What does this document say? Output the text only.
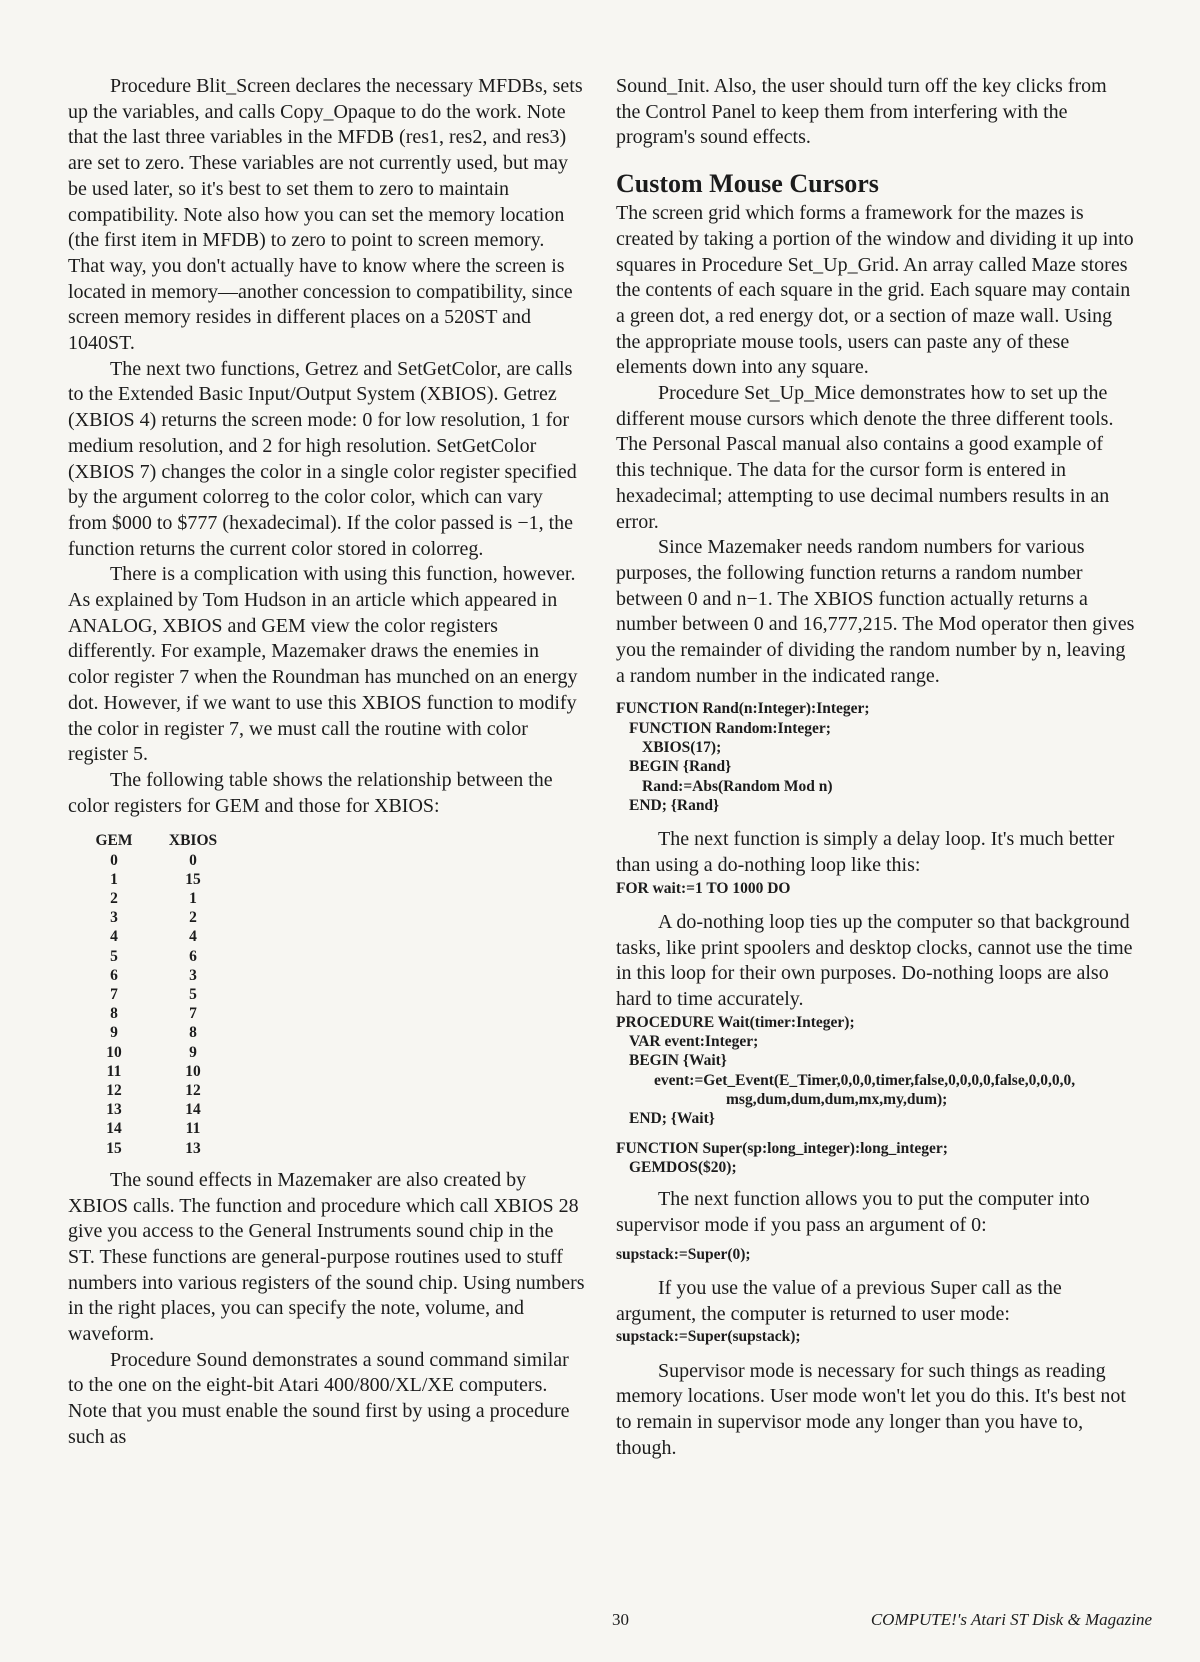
Procedure Blit_Screen declares the necessary MFDBs, sets up the variables, and calls Copy_Opaque to do the work. Note that the last three variables in the MFDB (res1, res2, and res3) are set to zero. These variables are not currently used, but may be used later, so it's best to set them to zero to maintain compatibility. Note also how you can set the memory location (the first item in MFDB) to zero to point to screen memory. That way, you don't actually have to know where the screen is located in memory—another concession to compatibility, since screen memory resides in different places on a 520ST and 1040ST.

The next two functions, Getrez and SetGetColor, are calls to the Extended Basic Input/Output System (XBIOS). Getrez (XBIOS 4) returns the screen mode: 0 for low resolution, 1 for medium resolution, and 2 for high resolution. SetGetColor (XBIOS 7) changes the color in a single color register specified by the argument colorreg to the color color, which can vary from $000 to $777 (hexadecimal). If the color passed is −1, the function returns the current color stored in colorreg.

There is a complication with using this function, however. As explained by Tom Hudson in an article which appeared in ANALOG, XBIOS and GEM view the color registers differently. For example, Mazemaker draws the enemies in color register 7 when the Roundman has munched on an energy dot. However, if we want to use this XBIOS function to modify the color in register 7, we must call the routine with color register 5.

The following table shows the relationship between the color registers for GEM and those for XBIOS:

GEM	XBIOS
0	0
1	15
2	1
3	2
4	4
5	6
6	3
7	5
8	7
9	8
10	9
11	10
12	12
13	14
14	11
15	13

The sound effects in Mazemaker are also created by XBIOS calls. The function and procedure which call XBIOS 28 give you access to the General Instruments sound chip in the ST. These functions are general-purpose routines used to stuff numbers into various registers of the sound chip. Using numbers in the right places, you can specify the note, volume, and waveform.

Procedure Sound demonstrates a sound command similar to the one on the eight-bit Atari 400/800/XL/XE computers. Note that you must enable the sound first by using a procedure such as

Sound_Init. Also, the user should turn off the key clicks from the Control Panel to keep them from interfering with the program's sound effects.

Custom Mouse Cursors

The screen grid which forms a framework for the mazes is created by taking a portion of the window and dividing it up into squares in Procedure Set_Up_Grid. An array called Maze stores the contents of each square in the grid. Each square may contain a green dot, a red energy dot, or a section of maze wall. Using the appropriate mouse tools, users can paste any of these elements down into any square.

Procedure Set_Up_Mice demonstrates how to set up the different mouse cursors which denote the three different tools. The Personal Pascal manual also contains a good example of this technique. The data for the cursor form is entered in hexadecimal; attempting to use decimal numbers results in an error.

Since Mazemaker needs random numbers for various purposes, the following function returns a random number between 0 and n−1. The XBIOS function actually returns a number between 0 and 16,777,215. The Mod operator then gives you the remainder of dividing the random number by n, leaving a random number in the indicated range.

FUNCTION Rand(n:Integer):Integer;
FUNCTION Random:Integer;
XBIOS(17);
BEGIN {Rand}
Rand:=Abs(Random Mod n)
END; {Rand}

The next function is simply a delay loop. It's much better than using a do-nothing loop like this:

FOR wait:=1 TO 1000 DO

A do-nothing loop ties up the computer so that background tasks, like print spoolers and desktop clocks, cannot use the time in this loop for their own purposes. Do-nothing loops are also hard to time accurately.

PROCEDURE Wait(timer:Integer);
VAR event:Integer;
BEGIN {Wait}
event:=Get_Event(E_Timer,0,0,0,timer,false,0,0,0,0,false,0,0,0,0,
msg,dum,dum,dum,mx,my,dum);
END; {Wait}
FUNCTION Super(sp:long_integer):long_integer;
GEMDOS($20);

The next function allows you to put the computer into supervisor mode if you pass an argument of 0:

supstack:=Super(0);

If you use the value of a previous Super call as the argument, the computer is returned to user mode:

supstack:=Super(supstack);

Supervisor mode is necessary for such things as reading memory locations. User mode won't let you do this. It's best not to remain in supervisor mode any longer than you have to, though.

30	COMPUTE!'s Atari ST Disk & Magazine
